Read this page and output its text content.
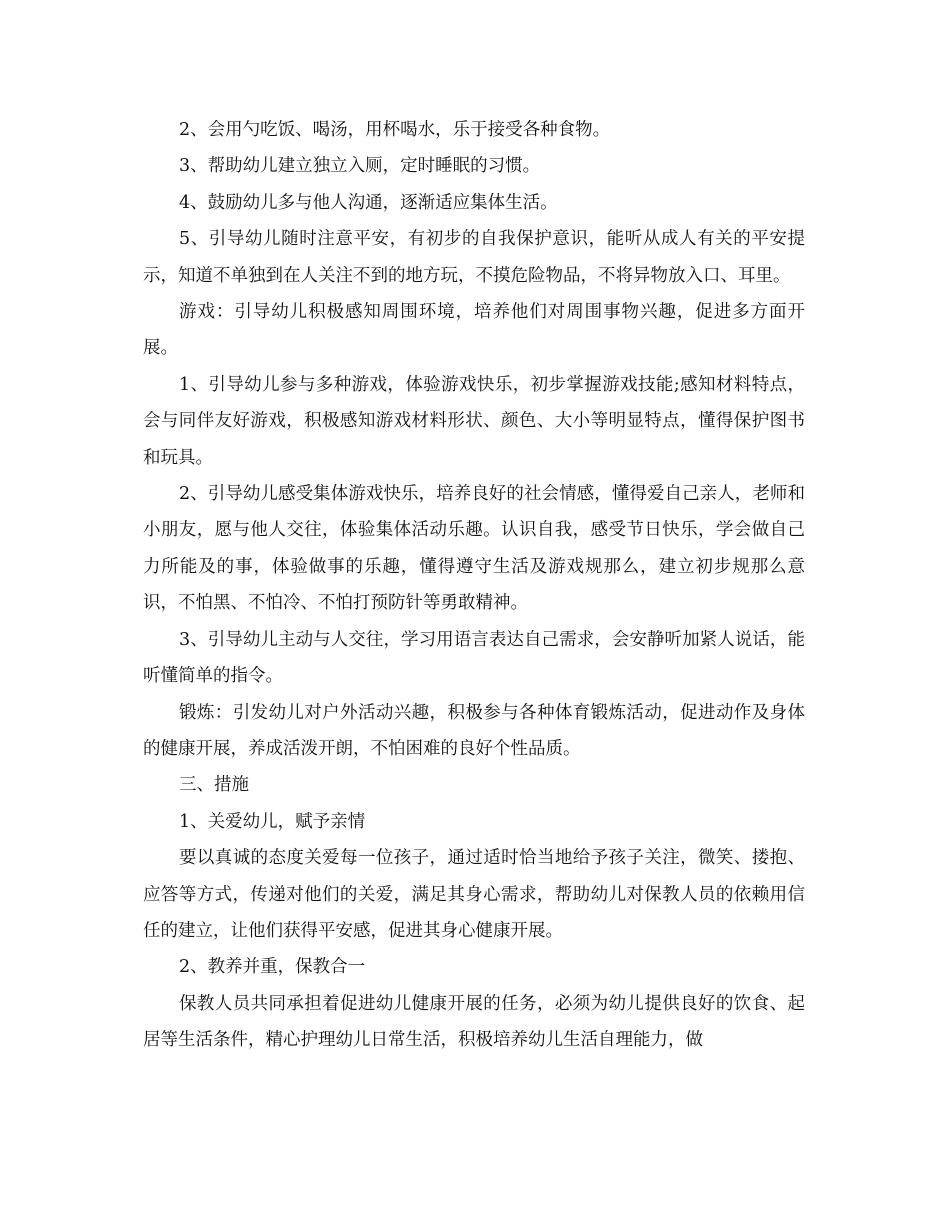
2、会用勺吃饭、喝汤，用杯喝水，乐于接受各种食物。

3、帮助幼儿建立独立入厕，定时睡眠的习惯。

4、鼓励幼儿多与他人沟通，逐渐适应集体生活。

5、引导幼儿随时注意平安，有初步的自我保护意识，能听从成人有关的平安提示，知道不单独到在人关注不到的地方玩，不摸危险物品，不将异物放入口、耳里。

游戏：引导幼儿积极感知周围环境，培养他们对周围事物兴趣，促进多方面开展。

1、引导幼儿参与多种游戏，体验游戏快乐，初步掌握游戏技能;感知材料特点，会与同伴友好游戏，积极感知游戏材料形状、颜色、大小等明显特点，懂得保护图书和玩具。

2、引导幼儿感受集体游戏快乐，培养良好的社会情感，懂得爱自己亲人，老师和小朋友，愿与他人交往，体验集体活动乐趣。认识自我，感受节日快乐，学会做自己力所能及的事，体验做事的乐趣，懂得遵守生活及游戏规那么，建立初步规那么意识，不怕黑、不怕冷、不怕打预防针等勇敢精神。

3、引导幼儿主动与人交往，学习用语言表达自己需求，会安静听加紧人说话，能听懂简单的指令。

锻炼：引发幼儿对户外活动兴趣，积极参与各种体育锻炼活动，促进动作及身体的健康开展，养成活泼开朗，不怕困难的良好个性品质。

三、措施

1、关爱幼儿，赋予亲情

要以真诚的态度关爱每一位孩子，通过适时恰当地给予孩子关注，微笑、搂抱、应答等方式，传递对他们的关爱，满足其身心需求，帮助幼儿对保教人员的依赖用信任的建立，让他们获得平安感，促进其身心健康开展。

2、教养并重，保教合一

保教人员共同承担着促进幼儿健康开展的任务，必须为幼儿提供良好的饮食、起居等生活条件，精心护理幼儿日常生活，积极培养幼儿生活自理能力，做
